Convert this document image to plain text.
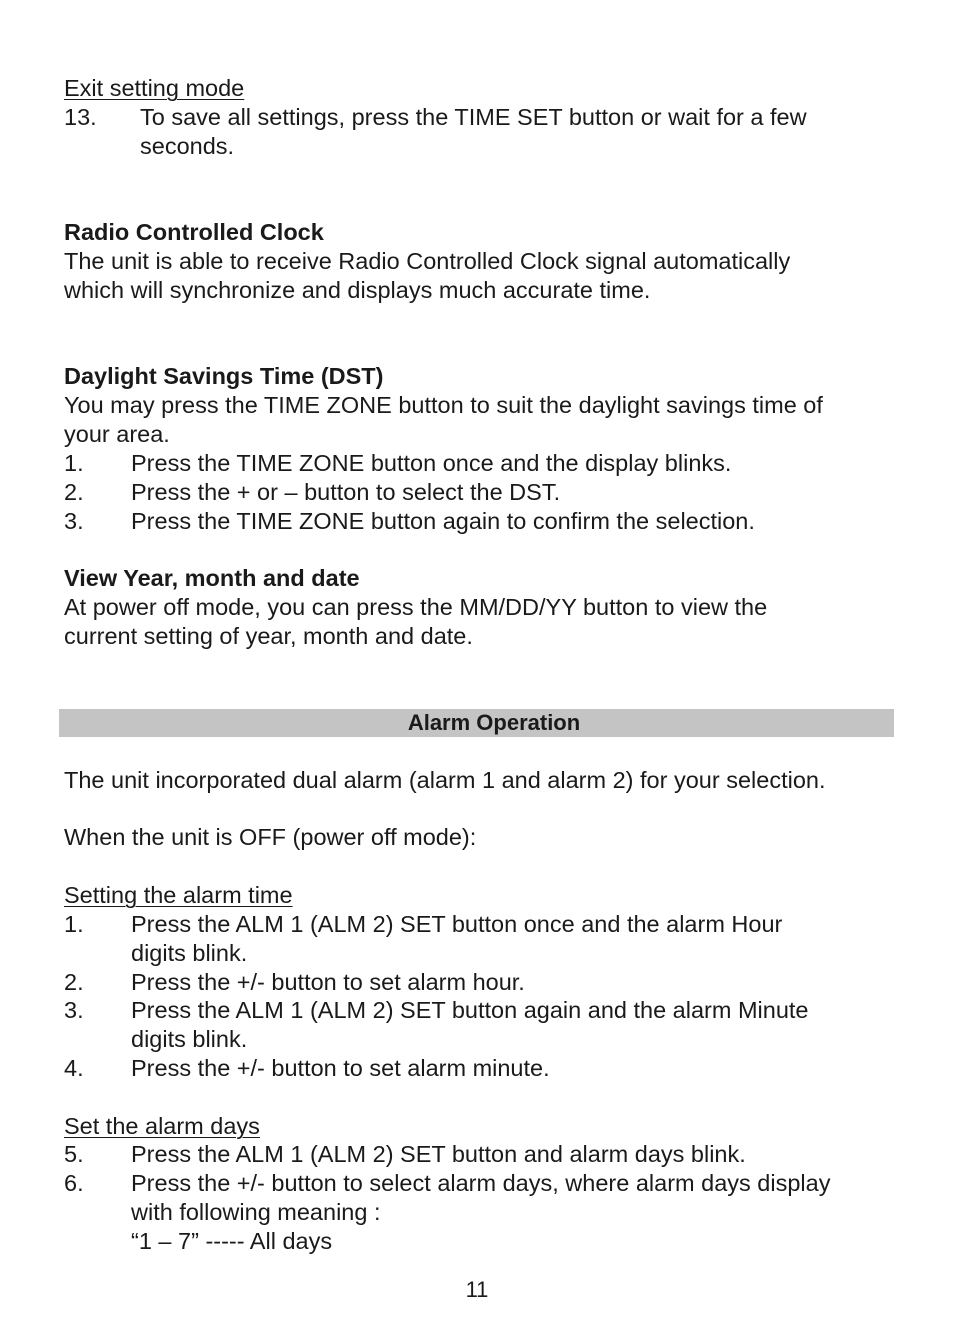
Exit setting mode
13. To save all settings, press the TIME SET button or wait for a few
seconds.
Radio Controlled Clock
The unit is able to receive Radio Controlled Clock signal automatically
which will synchronize and displays much accurate time.
Daylight Savings Time (DST)
You may press the TIME ZONE button to suit the daylight savings time of
your area.
1. Press the TIME ZONE button once and the display blinks.
2. Press the + or – button to select the DST.
3. Press the TIME ZONE button again to confirm the selection.
View Year, month and date
At power off mode, you can press the MM/DD/YY button to view the
current setting of year, month and date.
Alarm Operation
The unit incorporated dual alarm (alarm 1 and alarm 2) for your selection.
When the unit is OFF (power off mode):
Setting the alarm time
1. Press the ALM 1 (ALM 2) SET button once and the alarm Hour
digits blink.
2. Press the +/- button to set alarm hour.
3. Press the ALM 1 (ALM 2) SET button again and the alarm Minute
digits blink.
4. Press the +/- button to set alarm minute.
Set the alarm days
5. Press the ALM 1 (ALM 2) SET button and alarm days blink.
6. Press the +/- button to select alarm days, where alarm days display
with following meaning :
“1 – 7” ----- All days
11
